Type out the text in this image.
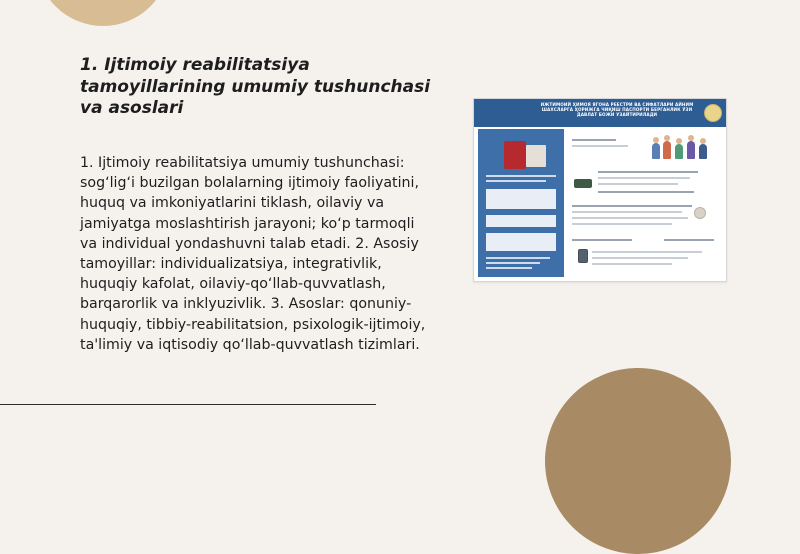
1. Ijtimoiy reabilitatsiya tamoyillarining umumiy tushunchasi va asoslari

1. Ijtimoiy reabilitatsiya umumiy tushunchasi: sog‘lig‘i buzilgan bolalarning ijtimoiy faoliyatini, huquq va imkoniyatlarini tiklash, oilaviy va jamiyatga moslashtirish jarayoni; ko‘p tarmoqli va individual yondashuvni talab etadi. 2. Asosiy tamoyillar: individualizatsiya, integrativlik, huquqiy kafolat, oilaviy-qo‘llab-quvvatlash, barqarorlik va inklyuzivlik. 3. Asoslar: qonuniy-huquqiy, tibbiy-reabilitatsion, psixologik-ijtimoiy, ta'limiy va iqtisodiy qo‘llab-quvvatlash tizimlari.

ИЖТИМОИЙ ҲИМОЯ ЯГОНА РЕЕСТРИ ВА СИФАТЛАРИ АЙНИМ ШАХСЛАРГА ҲОРИЖГА ЧИҚИШ ПАСПОРТИ БЕРГАНЛИК ЎЗИ ДАВЛАТ БОЖИ УЗАЙТИРИЛАДИ
